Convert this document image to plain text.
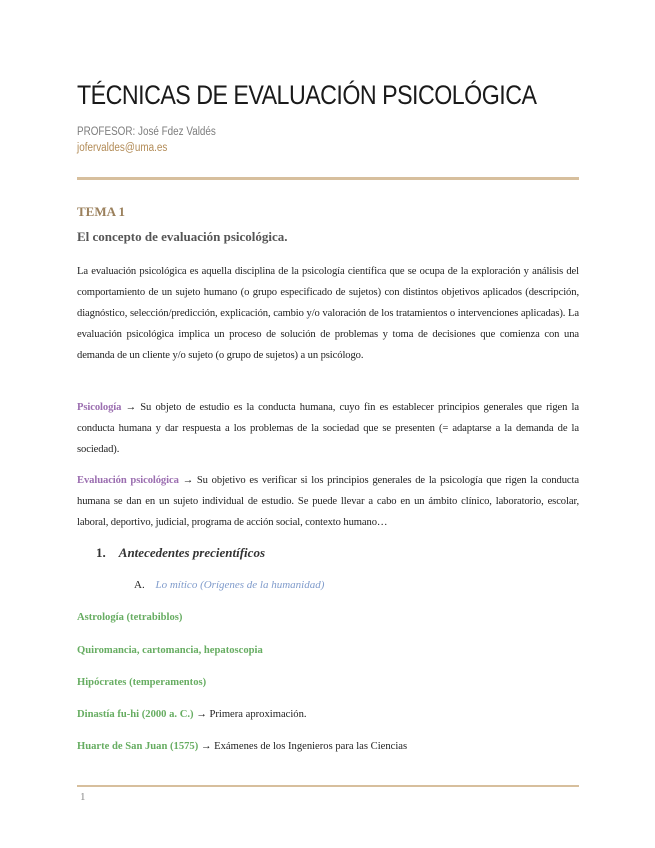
TÉCNICAS DE EVALUACIÓN PSICOLÓGICA
PROFESOR: José Fdez Valdés
jofervaldes@uma.es
TEMA 1
El concepto de evaluación psicológica.
La evaluación psicológica es aquella disciplina de la psicología científica que se ocupa de la exploración y análisis del comportamiento de un sujeto humano (o grupo especificado de sujetos) con distintos objetivos aplicados (descripción, diagnóstico, selección/predicción, explicación, cambio y/o valoración de los tratamientos o intervenciones aplicadas). La evaluación psicológica implica un proceso de solución de problemas y toma de decisiones que comienza con una demanda de un cliente y/o sujeto (o grupo de sujetos) a un psicólogo.
Psicología → Su objeto de estudio es la conducta humana, cuyo fin es establecer principios generales que rigen la conducta humana y dar respuesta a los problemas de la sociedad que se presenten (= adaptarse a la demanda de la sociedad).
Evaluación psicológica → Su objetivo es verificar si los principios generales de la psicología que rigen la conducta humana se dan en un sujeto individual de estudio. Se puede llevar a cabo en un ámbito clínico, laboratorio, escolar, laboral, deportivo, judicial, programa de acción social, contexto humano…
1. Antecedentes precientíficos
A. Lo mítico (Orígenes de la humanidad)
Astrología (tetrabiblos)
Quiromancia, cartomancia, hepatoscopia
Hipócrates (temperamentos)
Dinastía fu-hi (2000 a. C.) → Primera aproximación.
Huarte de San Juan (1575) → Exámenes de los Ingenieros para las Ciencias
1
